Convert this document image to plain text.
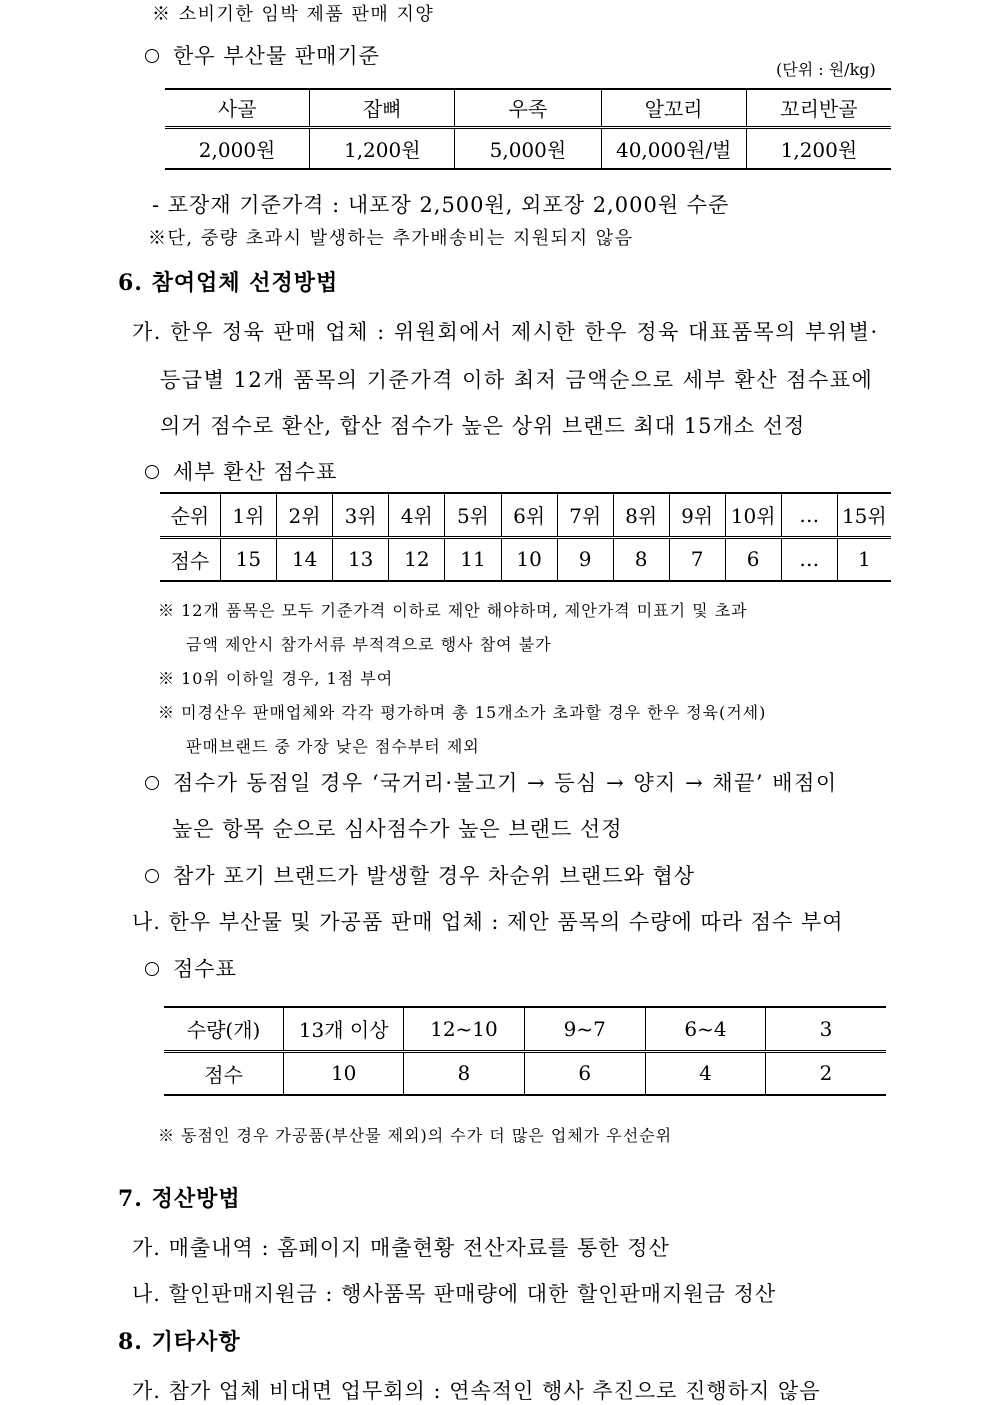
※ 소비기한 임박 제품 판매 지양
한우 부산물 판매기준
(단위 : 원/kg)
사골	잡뼈	우족	알꼬리	꼬리반골
2,000원	1,200원	5,000원	40,000원/벌	1,200원
- 포장재 기준가격 : 내포장 2,500원, 외포장 2,000원 수준
※단, 중량 초과시 발생하는 추가배송비는 지원되지 않음
6. 참여업체 선정방법
가. 한우 정육 판매 업체 : 위원회에서 제시한 한우 정육 대표품목의 부위별·
등급별 12개 품목의 기준가격 이하 최저 금액순으로 세부 환산 점수표에
의거 점수로 환산, 합산 점수가 높은 상위 브랜드 최대 15개소 선정
세부 환산 점수표
순위	1위	2위	3위	4위	5위	6위	7위	8위	9위	10위	…	15위
점수	15	14	13	12	11	10	9	8	7	6	…	1
※ 12개 품목은 모두 기준가격 이하로 제안 해야하며, 제안가격 미표기 및 초과
금액 제안시 참가서류 부적격으로 행사 참여 불가
※ 10위 이하일 경우, 1점 부여
※ 미경산우 판매업체와 각각 평가하며 총 15개소가 초과할 경우 한우 정육(거세)
판매브랜드 중 가장 낮은 점수부터 제외
점수가 동점일 경우 ‘국거리·불고기 → 등심 → 양지 → 채끝’ 배점이
높은 항목 순으로 심사점수가 높은 브랜드 선정
참가 포기 브랜드가 발생할 경우 차순위 브랜드와 협상
나. 한우 부산물 및 가공품 판매 업체 : 제안 품목의 수량에 따라 점수 부여
점수표
수량(개)	13개 이상	12~10	9~7	6~4	3
점수	10	8	6	4	2
※ 동점인 경우 가공품(부산물 제외)의 수가 더 많은 업체가 우선순위
7. 정산방법
가. 매출내역 : 홈페이지 매출현황 전산자료를 통한 정산
나. 할인판매지원금 : 행사품목 판매량에 대한 할인판매지원금 정산
8. 기타사항
가. 참가 업체 비대면 업무회의 : 연속적인 행사 추진으로 진행하지 않음
